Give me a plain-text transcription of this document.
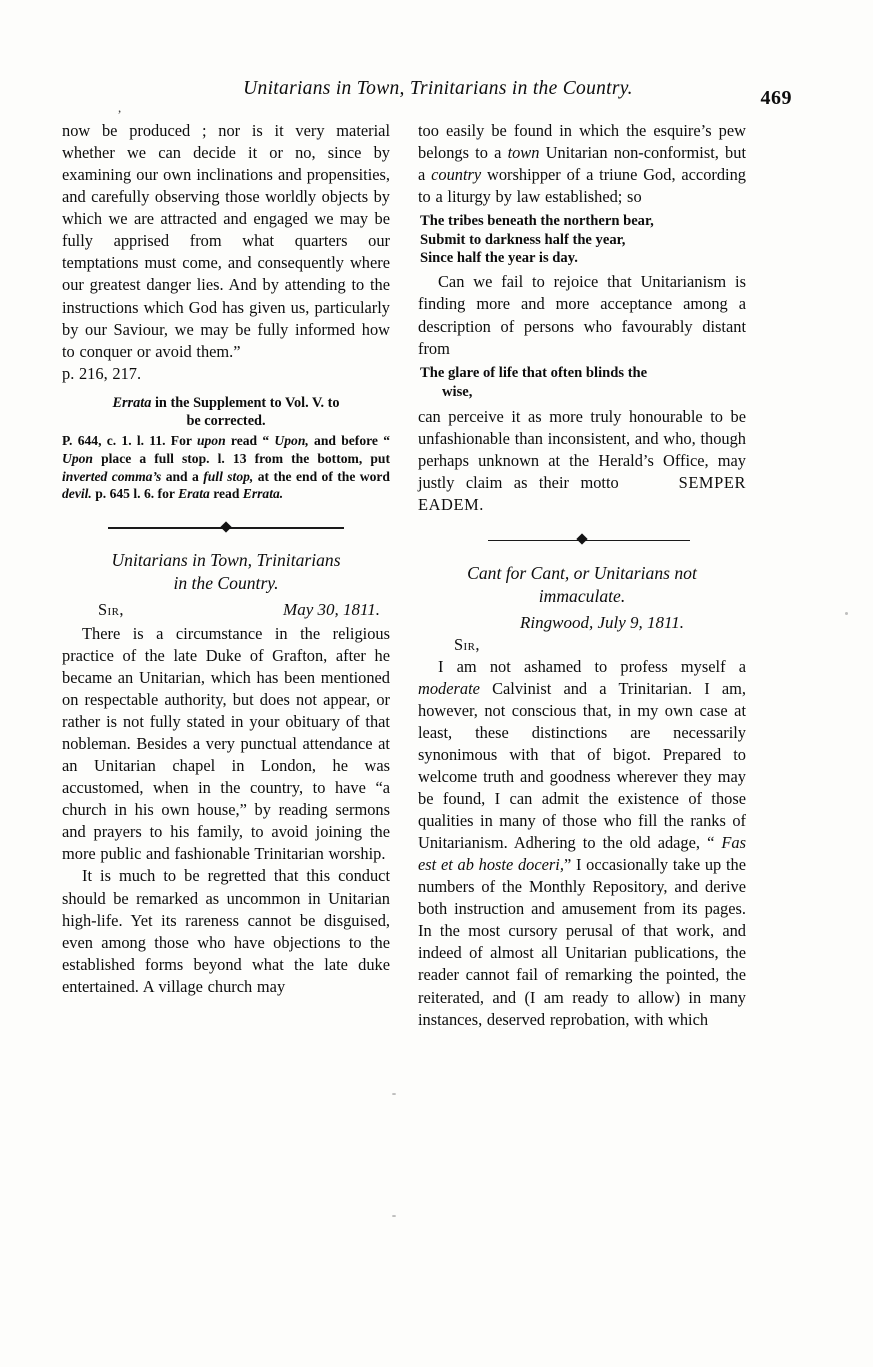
,
Unitarians in Town, Trinitarians in the Country.	469

now be produced ; nor is it very material whether we can decide it or no, since by examining our own inclinations and propensities, and carefully observing those worldly objects by which we are attracted and engaged we may be fully apprised from what quarters our temptations must come, and consequently where our greatest danger lies. And by attending to the instructions which God has given us, particularly by our Saviour, we may be fully informed how to conquer or avoid them.”

p. 216, 217.

Errata in the Supplement to Vol. V. to
be corrected.
P. 644, c. 1. l. 11. For upon read “ Upon, and before “ Upon place a full stop. l. 13 from the bottom, put inverted comma’s and a full stop, at the end of the word devil. p. 645 l. 6. for Erata read Errata.
Unitarians in Town, Trinitarians
in the Country.
Sir,	May 30, 1811.

There is a circumstance in the religious practice of the late Duke of Grafton, after he became an Unitarian, which has been mentioned on respectable authority, but does not appear, or rather is not fully stated in your obituary of that nobleman. Besides a very punctual attendance at an Unitarian chapel in London, he was accustomed, when in the country, to have “a church in his own house,” by reading sermons and prayers to his family, to avoid joining the more public and fashionable Trinitarian worship.

It is much to be regretted that this conduct should be remarked as uncommon in Unitarian high-life. Yet its rareness cannot be disguised, even among those who have objections to the established forms beyond what the late duke entertained. A village church may

too easily be found in which the esquire’s pew belongs to a town Unitarian non-conformist, but a country worshipper of a triune God, according to a liturgy by law established; so

The tribes beneath the northern bear,
Submit to darkness half the year,
Since half the year is day.

Can we fail to rejoice that Unitarianism is finding more and more acceptance among a description of persons who favourably distant from

The glare of life that often blinds the
wise,

can perceive it as more truly honourable to be unfashionable than inconsistent, and who, though perhaps unknown at the Herald’s Office, may justly claim as their motto	SEMPER EADEM.

Cant for Cant, or Unitarians not
immaculate.
Ringwood, July 9, 1811.
Sir,

I am not ashamed to profess myself a moderate Calvinist and a Trinitarian. I am, however, not conscious that, in my own case at least, these distinctions are necessarily synonimous with that of bigot. Prepared to welcome truth and goodness wherever they may be found, I can admit the existence of those qualities in many of those who fill the ranks of Unitarianism. Adhering to the old adage, “ Fas est et ab hoste doceri,” I occasionally take up the numbers of the Monthly Repository, and derive both instruction and amusement from its pages. In the most cursory perusal of that work, and indeed of almost all Unitarian publications, the reader cannot fail of remarking the pointed, the reiterated, and (I am ready to allow) in many instances, deserved reprobation, with which
